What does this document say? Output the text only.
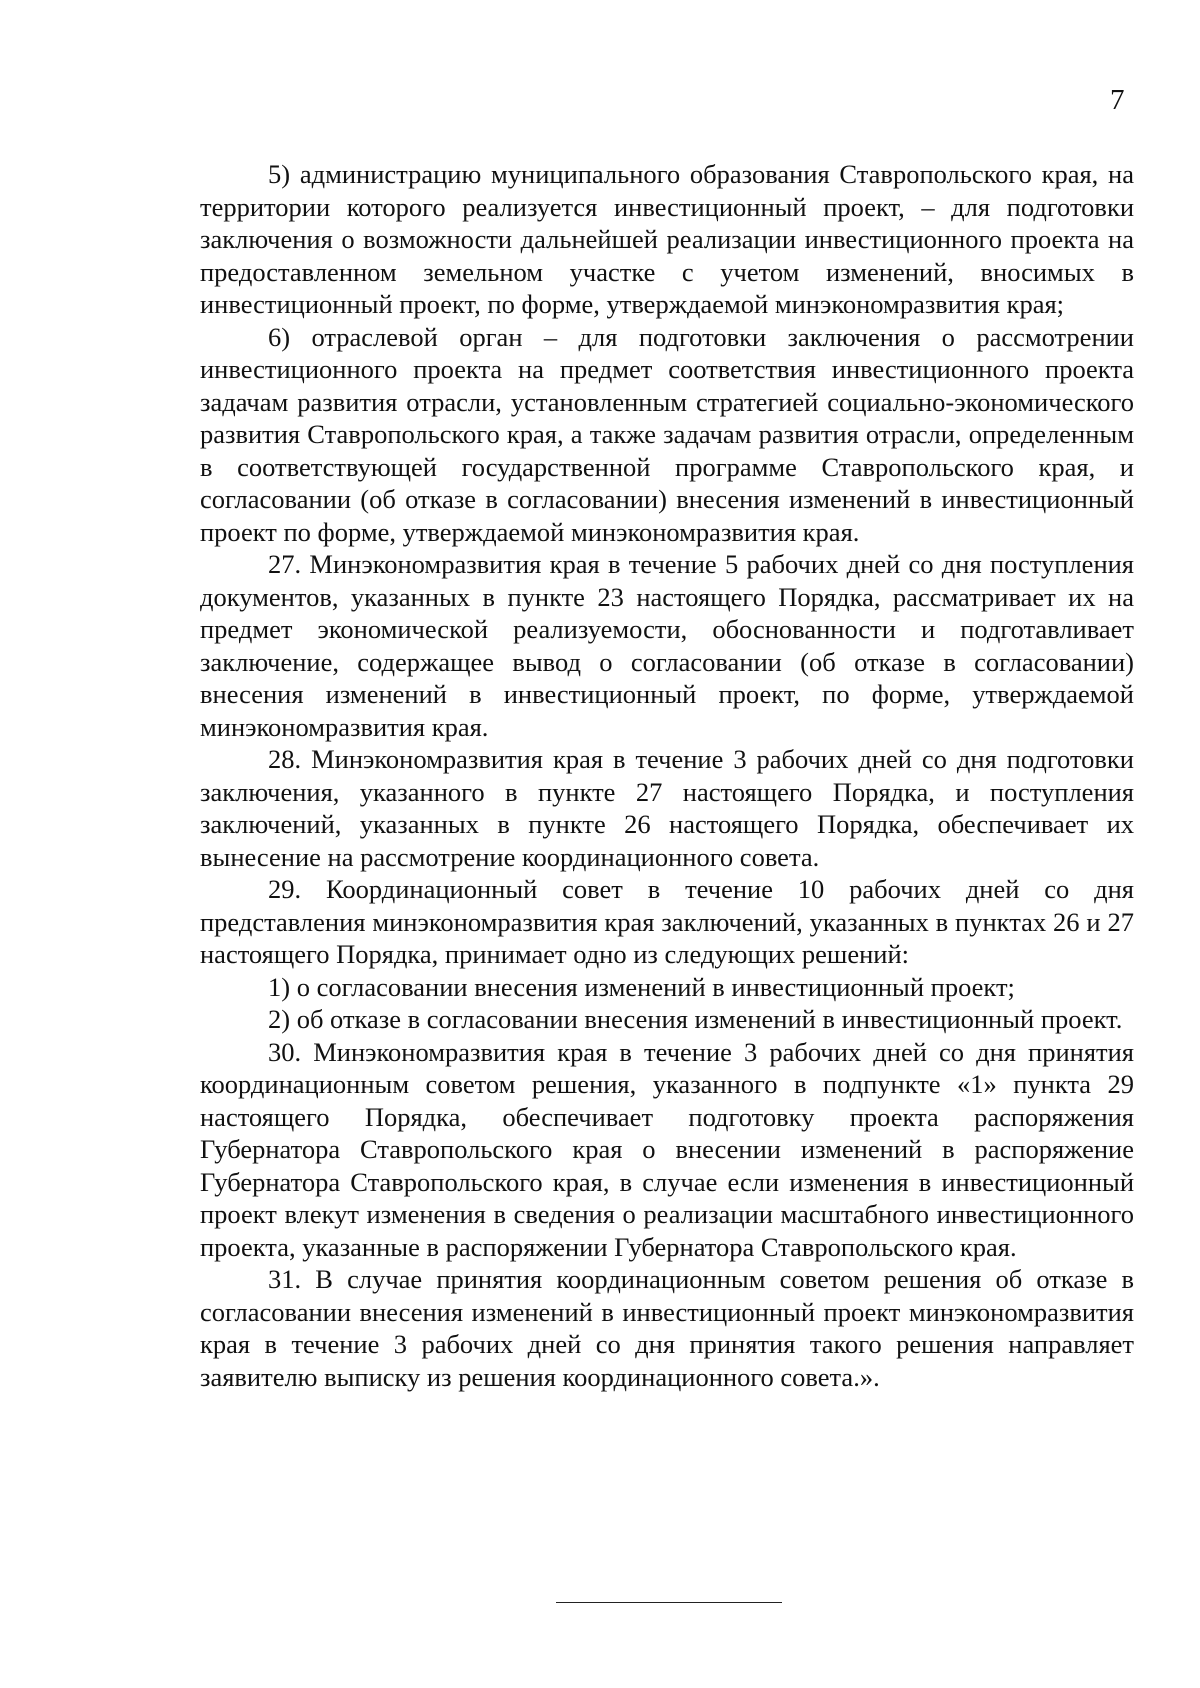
7

5) администрацию муниципального образования Ставропольского края, на территории которого реализуется инвестиционный проект, – для подготовки заключения о возможности дальнейшей реализации инвестиционного проекта на предоставленном земельном участке с учетом изменений, вносимых в инвестиционный проект, по форме, утверждаемой минэкономразвития края;

6) отраслевой орган – для подготовки заключения о рассмотрении инвестиционного проекта на предмет соответствия инвестиционного проекта задачам развития отрасли, установленным стратегией социально-экономического развития Ставропольского края, а также задачам развития отрасли, определенным в соответствующей государственной программе Ставропольского края, и согласовании (об отказе в согласовании) внесения изменений в инвестиционный проект по форме, утверждаемой минэкономразвития края.

27. Минэкономразвития края в течение 5 рабочих дней со дня поступления документов, указанных в пункте 23 настоящего Порядка, рассматривает их на предмет экономической реализуемости, обоснованности и подготавливает заключение, содержащее вывод о согласовании (об отказе в согласовании) внесения изменений в инвестиционный проект, по форме, утверждаемой минэкономразвития края.

28. Минэкономразвития края в течение 3 рабочих дней со дня подготовки заключения, указанного в пункте 27 настоящего Порядка, и поступления заключений, указанных в пункте 26 настоящего Порядка, обеспечивает их вынесение на рассмотрение координационного совета.

29. Координационный совет в течение 10 рабочих дней со дня представления минэкономразвития края заключений, указанных в пунктах 26 и 27 настоящего Порядка, принимает одно из следующих решений:

1) о согласовании внесения изменений в инвестиционный проект;

2) об отказе в согласовании внесения изменений в инвестиционный проект.

30. Минэкономразвития края в течение 3 рабочих дней со дня принятия координационным советом решения, указанного в подпункте «1» пункта 29 настоящего Порядка, обеспечивает подготовку проекта распоряжения Губернатора Ставропольского края о внесении изменений в распоряжение Губернатора Ставропольского края, в случае если изменения в инвестиционный проект влекут изменения в сведения о реализации масштабного инвестиционного проекта, указанные в распоряжении Губернатора Ставропольского края.

31. В случае принятия координационным советом решения об отказе в согласовании внесения изменений в инвестиционный проект минэкономразвития края в течение 3 рабочих дней со дня принятия такого решения направляет заявителю выписку из решения координационного совета.».
